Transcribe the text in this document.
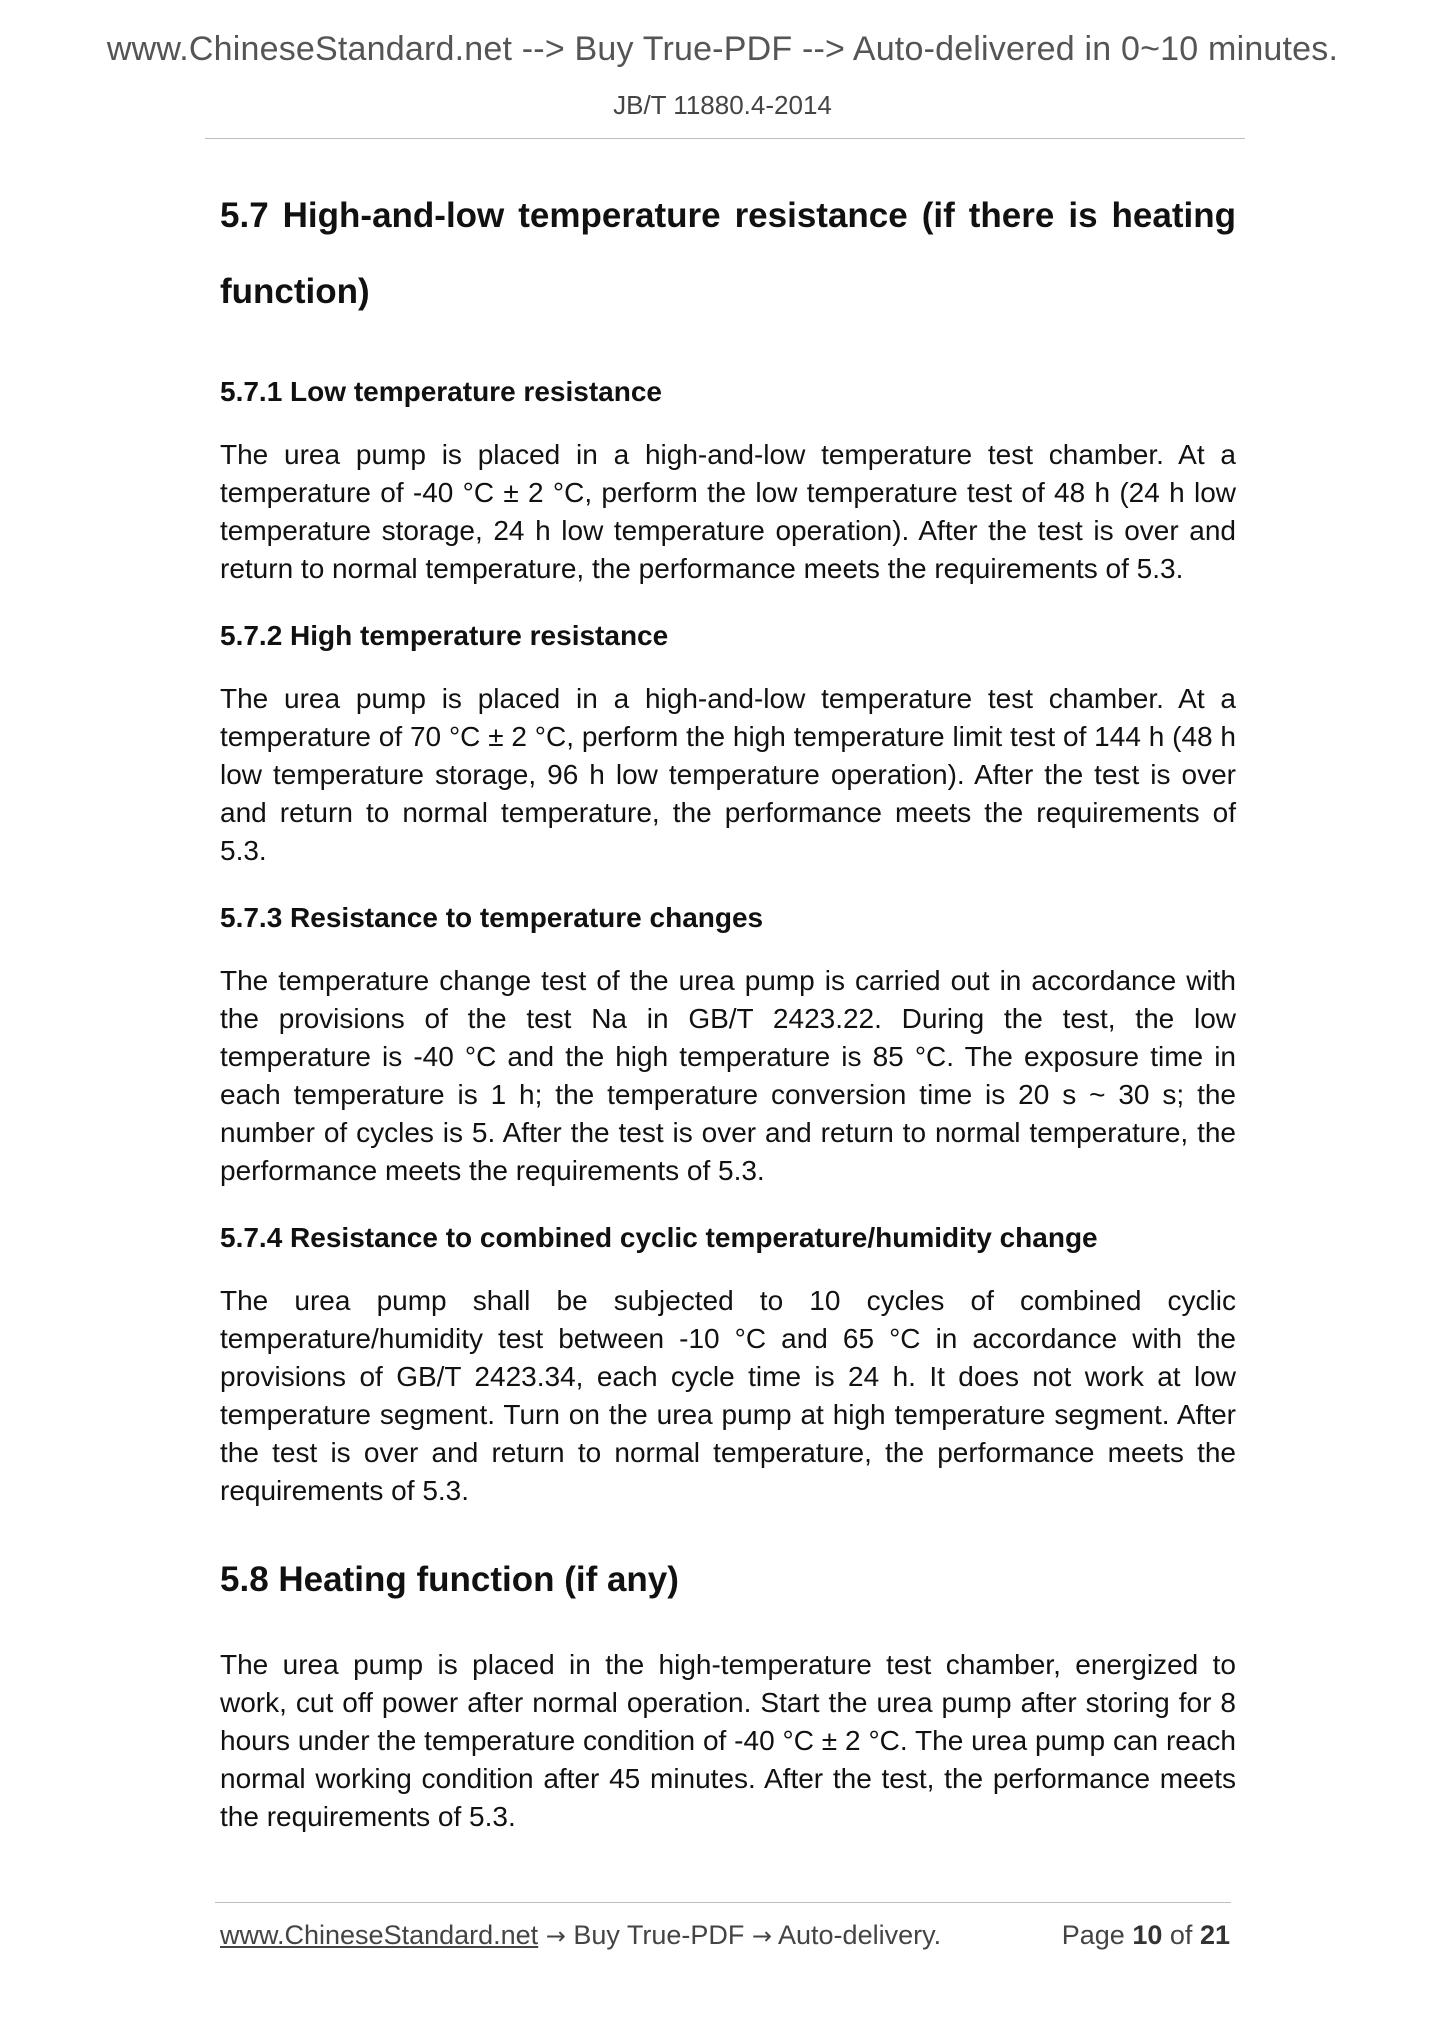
www.ChineseStandard.net --> Buy True-PDF --> Auto-delivered in 0~10 minutes.
JB/T 11880.4-2014

5.7 High-and-low temperature resistance (if there is heating

function)

5.7.1 Low temperature resistance

The urea pump is placed in a high-and-low temperature test chamber. At a temperature of -40 °C ± 2 °C, perform the low temperature test of 48 h (24 h low temperature storage, 24 h low temperature operation). After the test is over and return to normal temperature, the performance meets the requirements of 5.3.

5.7.2 High temperature resistance

The urea pump is placed in a high-and-low temperature test chamber. At a temperature of 70 °C ± 2 °C, perform the high temperature limit test of 144 h (48 h low temperature storage, 96 h low temperature operation). After the test is over and return to normal temperature, the performance meets the requirements of 5.3.

5.7.3 Resistance to temperature changes

The temperature change test of the urea pump is carried out in accordance with the provisions of the test Na in GB/T 2423.22. During the test, the low temperature is -40 °C and the high temperature is 85 °C. The exposure time in each temperature is 1 h; the temperature conversion time is 20 s ~ 30 s; the number of cycles is 5. After the test is over and return to normal temperature, the performance meets the requirements of 5.3.

5.7.4 Resistance to combined cyclic temperature/humidity change

The urea pump shall be subjected to 10 cycles of combined cyclic temperature/humidity test between -10 °C and 65 °C in accordance with the provisions of GB/T 2423.34, each cycle time is 24 h. It does not work at low temperature segment. Turn on the urea pump at high temperature segment. After the test is over and return to normal temperature, the performance meets the requirements of 5.3.

5.8 Heating function (if any)

The urea pump is placed in the high-temperature test chamber, energized to work, cut off power after normal operation. Start the urea pump after storing for 8 hours under the temperature condition of -40 °C ± 2 °C. The urea pump can reach normal working condition after 45 minutes. After the test, the performance meets the requirements of 5.3.

www.ChineseStandard.net → Buy True-PDF → Auto-delivery.	Page 10 of 21
